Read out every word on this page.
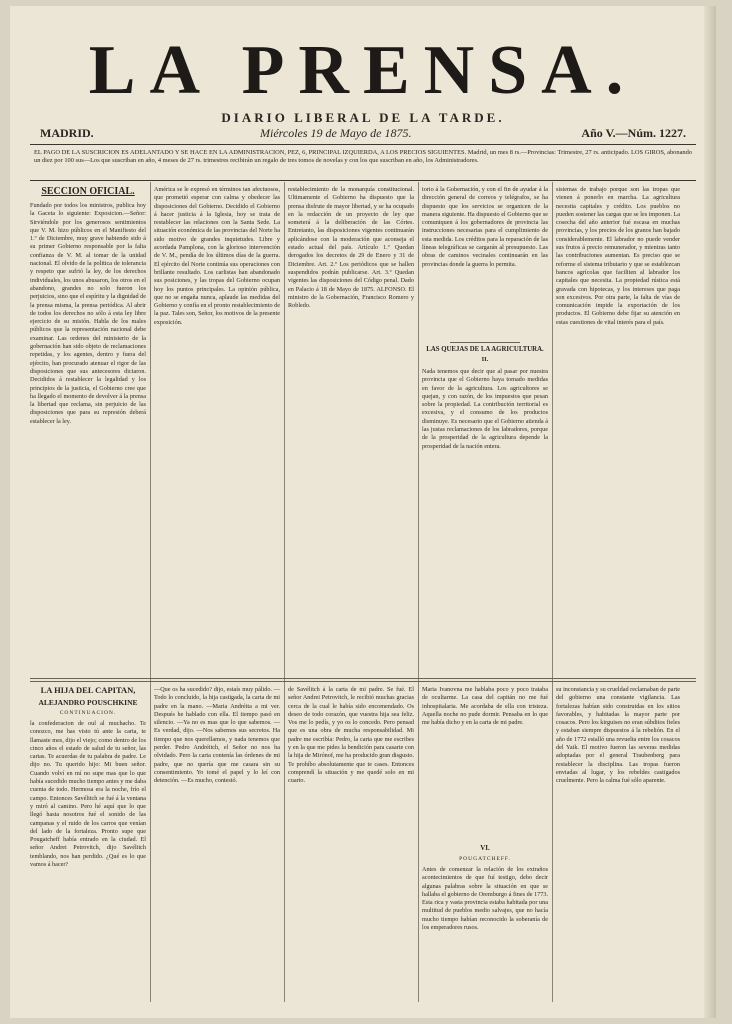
LA PRENSA.
DIARIO LIBERAL DE LA TARDE.
MADRID.	Miércoles 19 de Mayo de 1875.	Año V.—Núm. 1227.
EL PAGO DE LA SUSCRICION ES ADELANTADO Y SE HACE EN LA ADMINISTRACION, PEZ, 6, PRINCIPAL IZQUIERDA, A LOS PRECIOS SIGUIENTES. Madrid, un mes 8 rs.—Provincias: Trimestre, 27 rs. anticipado. LOS GIROS, abonando un diez por 100 sus—Los que suscriban en año, 4 meses de 27 rs. trimestres recibirán un regalo de tres tomos de novelas y con los que suscriban en año, los Administradores.
SECCION OFICIAL.
Fundado por todos los ministros, publica hoy la Gaceta lo siguiente: Exposicion.—Señor: Sirviéndole por los generosos sentimientos que V. M. hizo públicos en el Manifiesto del 1.º de Diciembre, muy grave habiendo sido á su primer Gobierno responsable por la falta confianza de V. M. al tomar de la unidad nacional. El olvido de la politica de tolerancia y respeto que sufrió la ley, de los derechos individuales, los unos abusaron, los otros en el abandono, grandes no solo fueron los perjuicios, sino que el espíritu y la dignidad de la prensa misma, la prensa periódica. Al abrir de todos los derechos no sólo á esta ley libre ejercicio de su misión. Habla de los males públicos que la representación nacional debe examinar. Las ordenes del ministerio de la gobernación han sido objeto de reclamaciones repetidas, y los agentes, dentro y fuera del ejército, han procurado atenuar el rigor de las disposiciones que sus antecesores dictaron. Decididos á restablecer la legalidad y los principios de la justicia, el Gobierno cree que ha llegado el momento de devolver á la prensa la libertad que reclama, sin perjuicio de las disposiciones que para su represión deberá establecer la ley.
LA HIJA DEL CAPITAN,
ALEJANDRO POUSCHKINE
CONTINUACION.
la confederacion de oul al muchacho. Te conozco, me has visto tú ante la carta, te llamaste mes, dijo el viejo; como dentro de los cinco años el estado de salud de tu señor, las cartas. Te acuerdas de tu palabra de padre. Le dijo no. Tu querido hijo: Mi buen señor. Cuando volví en mí no supe mas que lo que había sucedido mucho tiempo antes y me daba cuenta de todo. Hermosa era la noche, frío el campo. Entonces Savélitch se fué á la ventana y miró al camino. Pero hé aquí que lo que llegó hasta nosotros fué el sonido de las campanas y el ruido de los carros que venían del lado de la fortaleza. Pronto supe que Pougatcheff había entrado en la ciudad. El señor Andrei Petrovitch, dijo Savélitch temblando, nos han perdido. ¿Qué es lo que vamos á hacer?
América se le expresó en términos tan afectuosos, que prometió esperar con calma y obedecer las disposiciones del Gobierno. Decidido el Gobierno á hacer justicia á la Iglesia, hoy se trata de restablecer las relaciones con la Santa Sede. La situación económica de las provincias del Norte ha sido motivo de grandes inquietudes. Libre y acordada Pamplona, con la glorioso intervención de V. M., pendía de los últimos días de la guerra. El ejército del Norte continúa sus operaciones con brillante resultado. Los carlistas han abandonado sus posiciones, y las tropas del Gobierno ocupan hoy los puntos principales. La opinión pública, que no se engaña nunca, aplaude las medidas del Gobierno y confía en el pronto restablecimiento de la paz. Tales son, Señor, los motivos de la presente exposición.
—Que os ha sucedido? dijo, estaís muy pálido. —Todo lo concluido, la hija castigada, la carta de mi padre en la mano. —Maria Andréita a mi ver. Después he hablado con ella. El tiempo pasó en silencio. —Ya no es mas que lo que sabemos. —Es verdad, dijo. —Nos sabemos sus secretos. Ha tiempo que nos querellamos, y nada tenemos que perder. Pedro Andréitch, el Señor no nos ha olvidado. Pero la carta contenía las órdenes de mi padre, que no quería que me casara sin su consentimiento. Yo tomé el papel y lo leí con detención. —Es mucho, contestó.
restablecimiento de la monarquía constitucional. Ultimamente el Gobierno ha dispuesto que la prensa disfrute de mayor libertad, y se ha ocupado en la redacción de un proyecto de ley que someterá á la deliberación de las Córtes. Entretanto, las disposiciones vigentes continuarán aplicándose con la moderación que aconseja el estado actual del país. Artículo 1.º Quedan derogados los decretos de 29 de Enero y 31 de Diciembre. Art. 2.º Los periódicos que se hallen suspendidos podrán publicarse. Art. 3.º Quedan vigentes las disposiciones del Código penal. Dado en Palacio á 18 de Mayo de 1875. ALFONSO. El ministro de la Gobernación, Francisco Romero y Robledo.
de Savélitch á la carta de mi padre. Se fué. El señor Andrei Petrovitch, le recibió muchas gracias cerca de la cual le había sido encomendado. Os deseo de todo corazón, que vuestra hija sea feliz. Vos me lo pedís, y yo os lo concedo. Pero pensad que es una obra de mucha responsabilidad. Mi padre me escribía: Pedro, la carta que me escribes y en la que me pides la bendición para casarte con la hija de Mirónof, me ha producido gran disgusto. Te prohíbo absolutamente que te cases. Entonces comprendí la situación y me quedé solo en mi cuarto.
torio á la Gobernación, y con el fin de ayudar á la dirección general de correos y telégrafos, se ha dispuesto que los servicios se organicen de la manera siguiente. Ha dispuesto el Gobierno que se comuniquen á los gobernadores de provincia las instrucciones necesarias para el cumplimiento de esta medida. Los créditos para la reparación de las líneas telegráficas se cargarán al presupuesto. Las obras de caminos vecinales continuarán en las provincias donde la guerra lo permita.
LAS QUEJAS DE LA AGRICULTURA.
II.
Nada tenemos que decir que al pasar por nuestra provincia que el Gobierno haya tomado medidas en favor de la agricultura. Los agricultores se quejan, y con razón, de los impuestos que pesan sobre la propiedad. La contribución territorial es excesiva, y el consumo de los productos disminuye. Es necesario que el Gobierno atienda á las justas reclamaciones de los labradores, porque de la prosperidad de la agricultura depende la prosperidad de la nación entera.
Maria Ivanovna me hablaba poco y poco trataba de ocultarme. La casa del capitán no me fué inhospitalaria. Me acordaba de ella con tristeza. Aquella noche no pude dormir. Pensaba en lo que me había dicho y en la carta de mi padre.
VI.
POUGATCHEFF.
Antes de comenzar la relación de los extraños acontecimientos de que fuí testigo, debo decir algunas palabras sobre la situación en que se hallaba el gobierno de Oremburgo á fines de 1773. Esta rica y vasta provincia estaba habitada por una multitud de pueblos medio salvajes, que no hacía mucho tiempo habían reconocido la soberanía de los emperadores rusos.
sistemas de trabajo porque son las tropas que vienen á ponerlo en marcha. La agricultura necesita capitales y crédito. Los pueblos no pueden sostener las cargas que se les imponen. La cosecha del año anterior fué escasa en muchas provincias, y los precios de los granos han bajado considerablemente. El labrador no puede vender sus frutos á precio remunerador, y mientras tanto las contribuciones aumentan. Es preciso que se reforme el sistema tributario y que se establezcan bancos agrícolas que faciliten al labrador los capitales que necesita. La propiedad rústica está gravada con hipotecas, y los intereses que paga son excesivos. Por otra parte, la falta de vías de comunicación impide la exportación de los productos. El Gobierno debe fijar su atención en estas cuestiones de vital interés para el país.
su inconstancia y su crueldad reclamaban de parte del gobierno una constante vigilancia. Las fortalezas habían sido construidas en los sitios favorables, y habitadas la mayor parte por cosacos. Pero los kirguises no eran súbditos fieles y estaban siempre dispuestos á la rebelión. En el año de 1772 estalló una revuelta entre los cosacos del Yaik. El motivo fueron las severas medidas adoptadas por el general Traubenberg para restablecer la disciplina. Las tropas fueron enviadas al lugar, y los rebeldes castigados cruelmente. Pero la calma fué sólo aparente.
